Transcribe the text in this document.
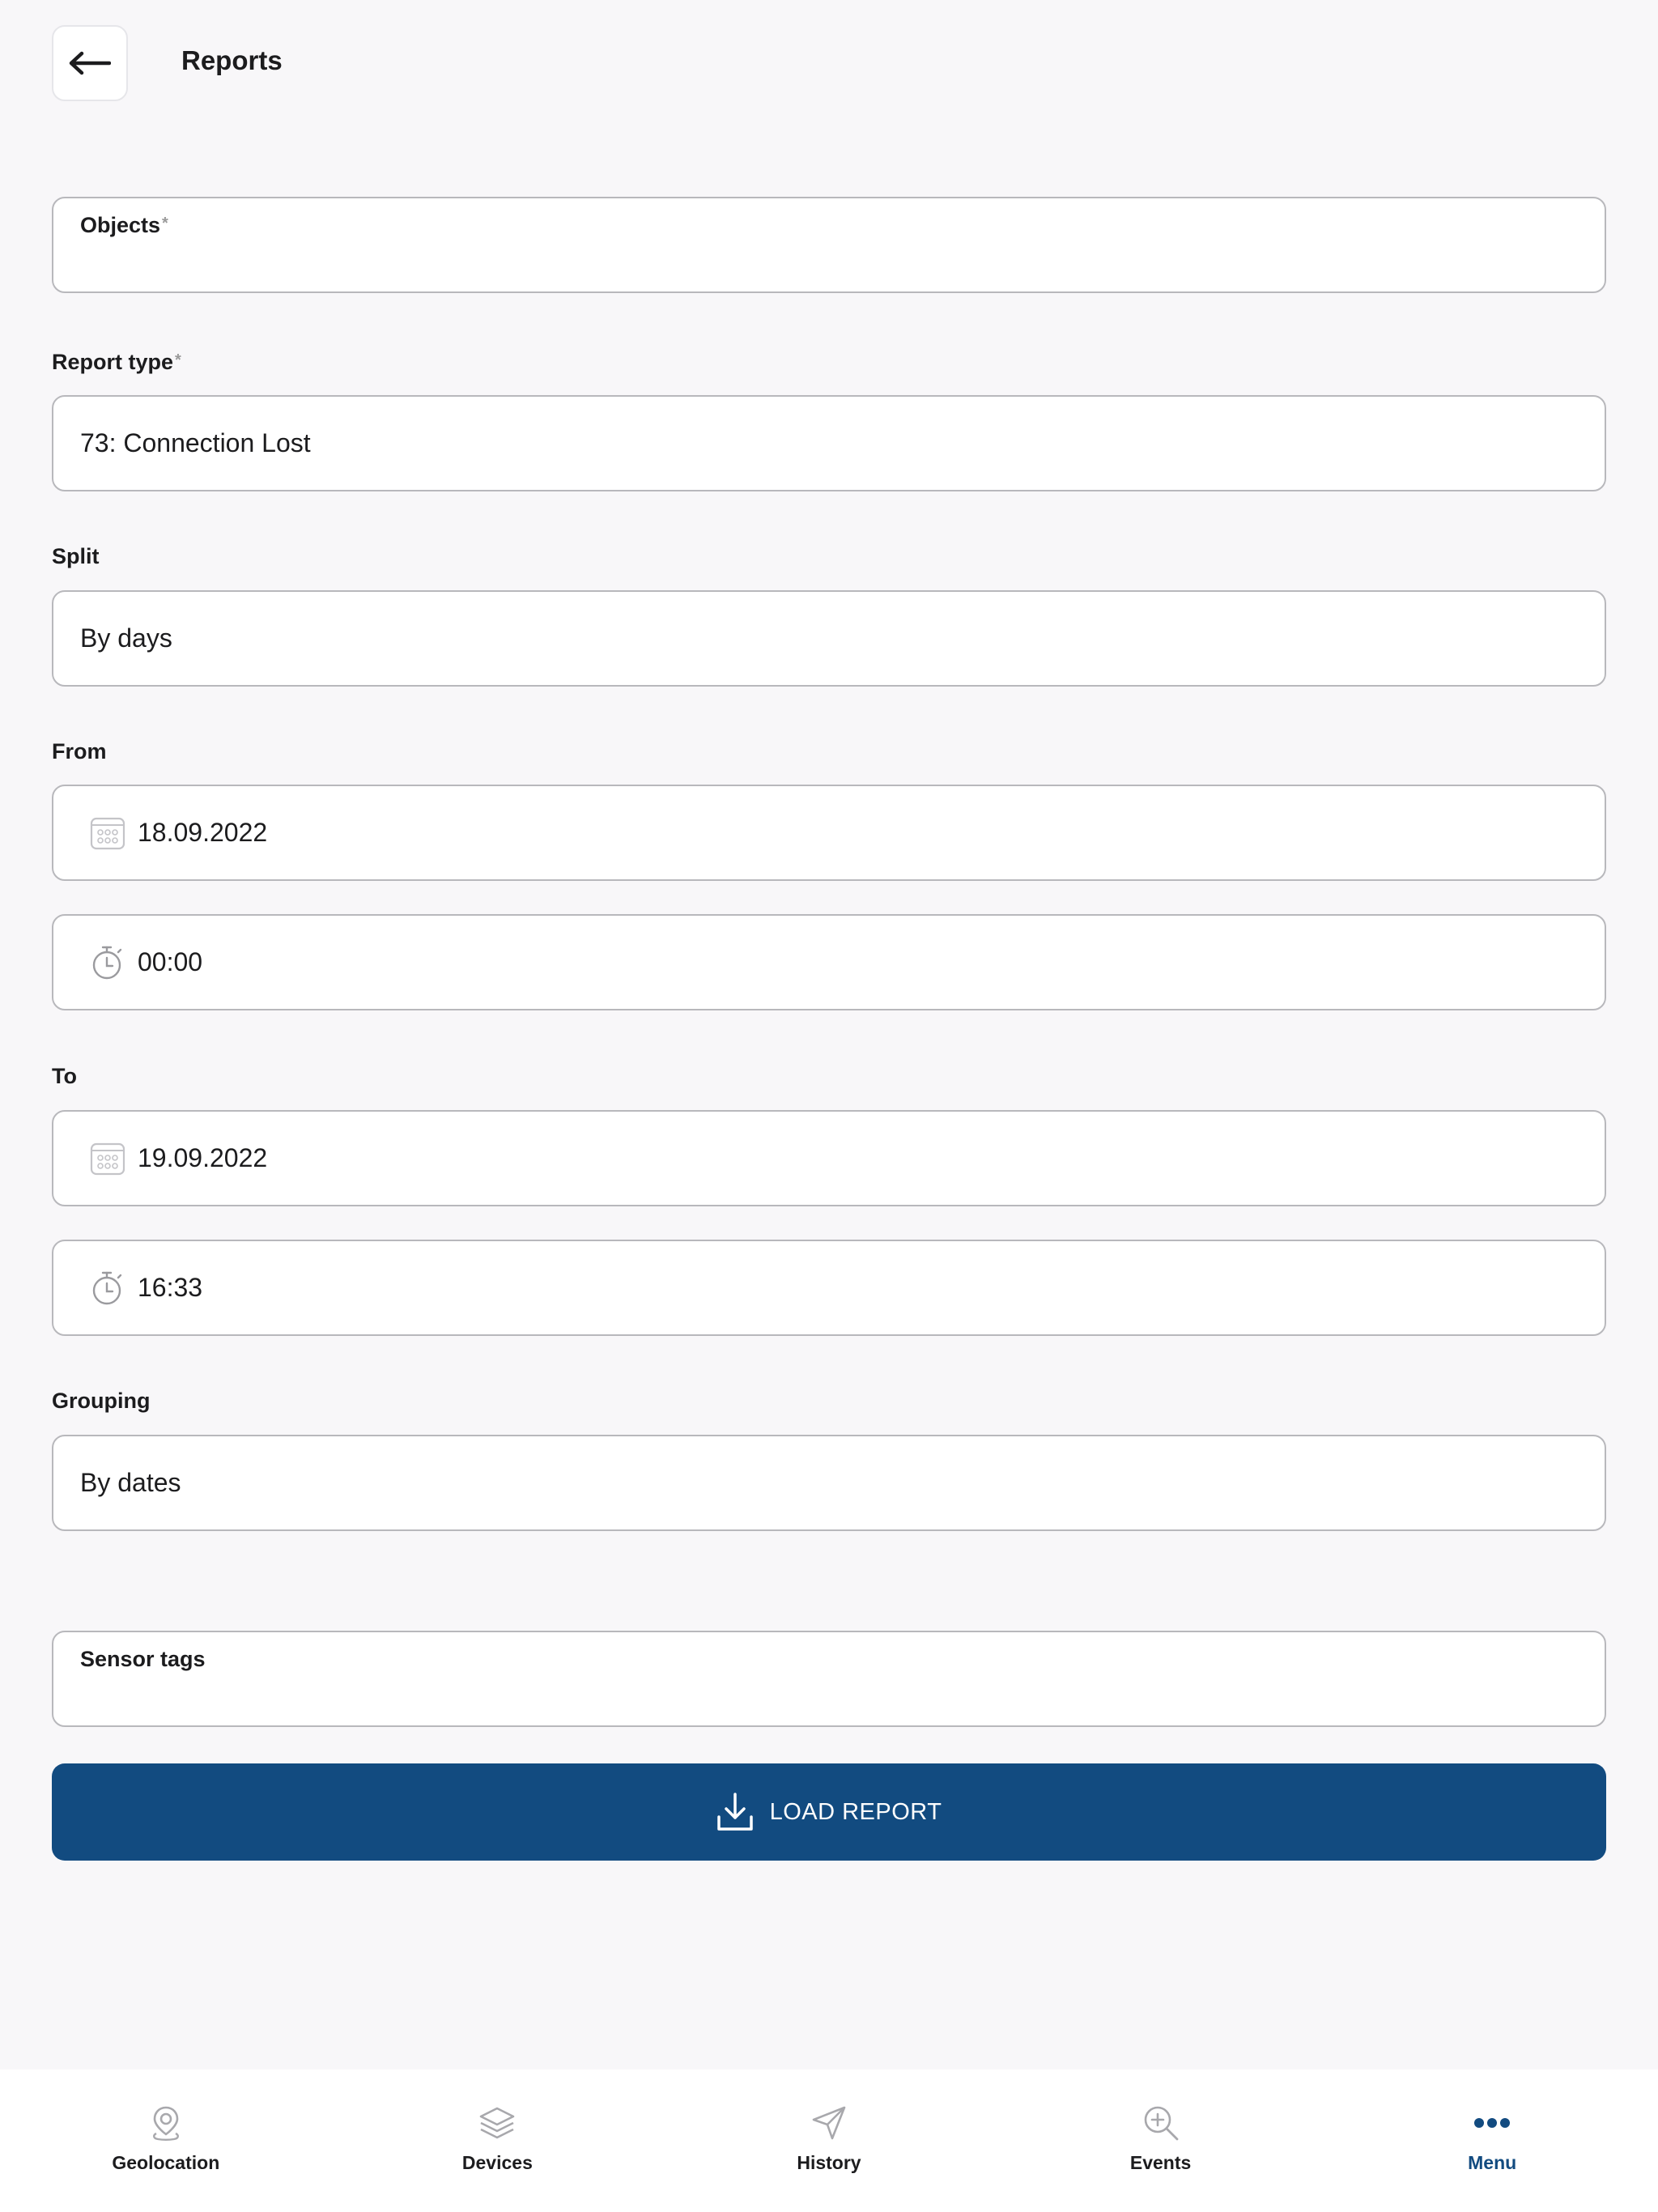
Reports
Objects *
Report type *
73: Connection Lost
Split
By days
From
18.09.2022
00:00
To
19.09.2022
16:33
Grouping
By dates
Sensor tags
LOAD REPORT
Geolocation	Devices	History	Events	Menu
